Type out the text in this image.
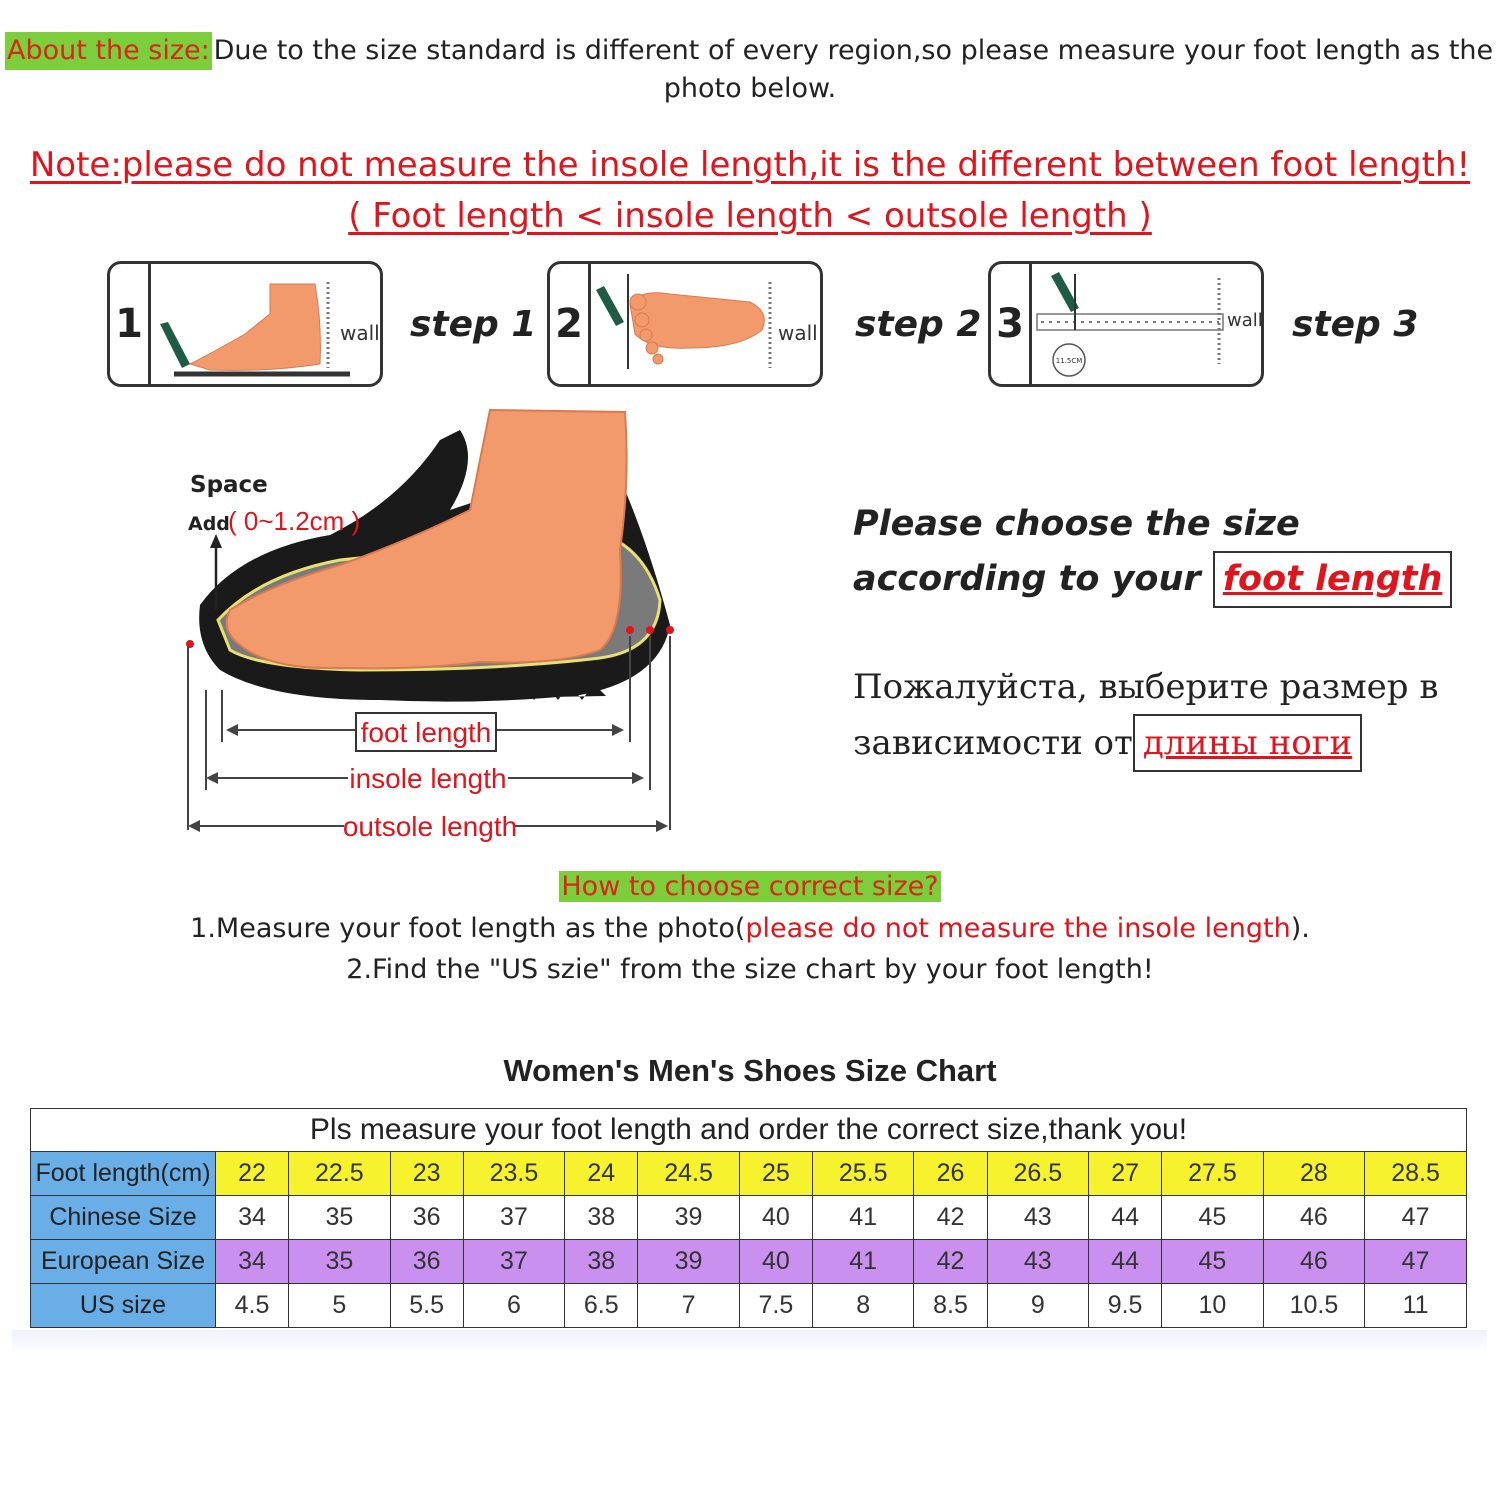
About the size: Due to the size standard is different of every region,so please measure your foot length as the photo below.
Note:please do not measure the insole length,it is the different between foot length!
( Foot length < insole length < outsole length )
1	wall step 1 2	wall step 2 3	wall
11.5CM
step 3
Space
Add
( 0~1.2cm )
foot length
insole length
outsole length
Please choose the size
according to your foot length
Пожалуйста, выберите размер в
зависимости от длины ноги
How to choose correct size?
1.Measure your foot length as the photo(please do not measure the insole length).
2.Find the "US szie" from the size chart by your foot length!
Women's Men's Shoes Size Chart
Pls measure your foot length and order the correct size,thank you!														
Foot length(cm)	22	22.5	23	23.5	24	24.5	25	25.5	26	26.5	27	27.5	28	28.5
Chinese Size	34	35	36	37	38	39	40	41	42	43	44	45	46	47
European Size	34	35	36	37	38	39	40	41	42	43	44	45	46	47
US size	4.5	5	5.5	6	6.5	7	7.5	8	8.5	9	9.5	10	10.5	11
